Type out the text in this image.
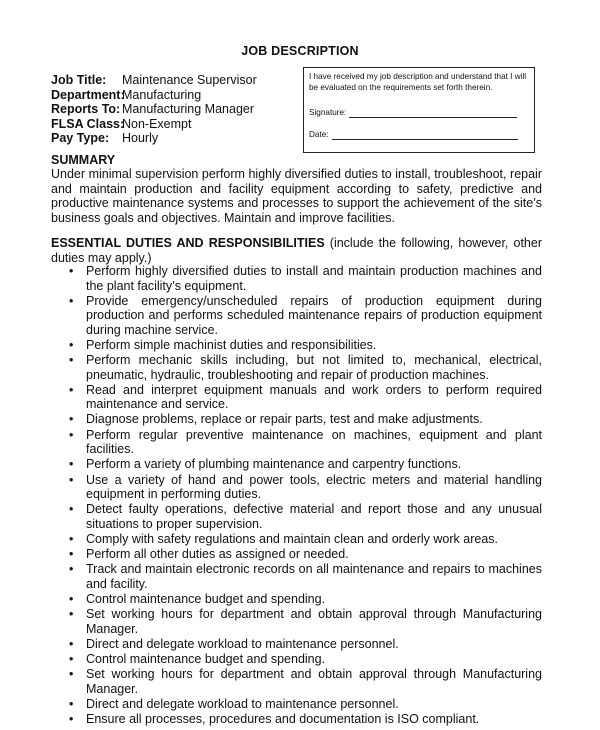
JOB DESCRIPTION
Job Title:	Maintenance Supervisor
Department:
Manufacturing
Reports To: Manufacturing Manager
FLSA Class:
Non-Exempt
Pay Type:	Hourly
I have received my job description and understand that I will be evaluated on the requirements set forth therein.
Signature:
Date:
SUMMARY
Under minimal supervision perform highly diversified duties to install, troubleshoot, repair and maintain production and facility equipment according to safety, predictive and productive maintenance systems and processes to support the achievement of the site’s business goals and objectives. Maintain and improve facilities.
ESSENTIAL DUTIES AND RESPONSIBILITIES (include the following, however, other duties may apply.)
•	Perform highly diversified duties to install and maintain production machines and the plant facility’s equipment.
•	Provide emergency/unscheduled repairs of production equipment during production and performs scheduled maintenance repairs of production equipment during machine service.
•	Perform simple machinist duties and responsibilities.
•	Perform mechanic skills including, but not limited to, mechanical, electrical, pneumatic, hydraulic, troubleshooting and repair of production machines.
•	Read and interpret equipment manuals and work orders to perform required maintenance and service.
•	Diagnose problems, replace or repair parts, test and make adjustments.
•	Perform regular preventive maintenance on machines, equipment and plant facilities.
•	Perform a variety of plumbing maintenance and carpentry functions.
•	Use a variety of hand and power tools, electric meters and material handling equipment in performing duties.
•	Detect faulty operations, defective material and report those and any unusual situations to proper supervision.
•	Comply with safety regulations and maintain clean and orderly work areas.
•	Perform all other duties as assigned or needed.
•	Track and maintain electronic records on all maintenance and repairs to machines and facility.
•	Control maintenance budget and spending.
•	Set working hours for department and obtain approval through Manufacturing Manager.
•	Direct and delegate workload to maintenance personnel.
•	Control maintenance budget and spending.
•	Set working hours for department and obtain approval through Manufacturing Manager.
•	Direct and delegate workload to maintenance personnel.
•	Ensure all processes, procedures and documentation is ISO compliant.
